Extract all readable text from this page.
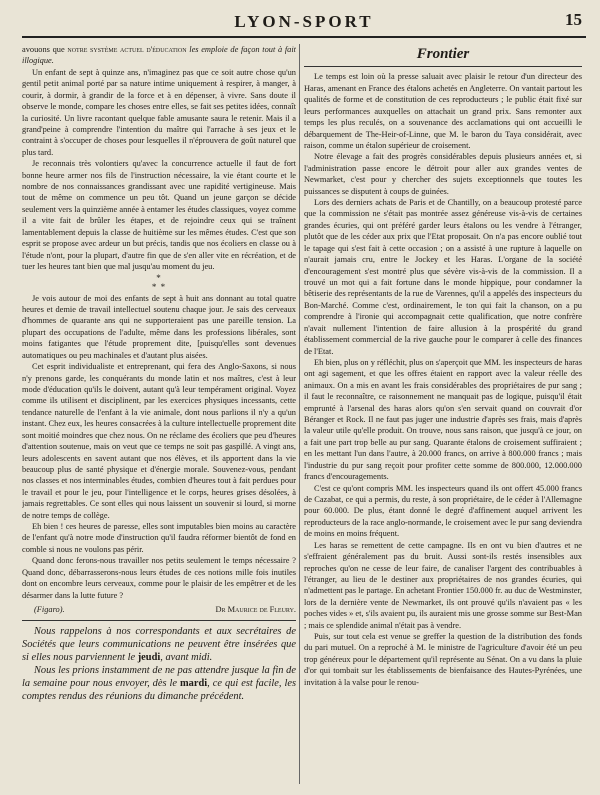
LYON-SPORT	15

avouons que notre système actuel d'éducation les emploie de façon tout à fait illogique.

Un enfant de sept à quinze ans, n'imaginez pas que ce soit autre chose qu'un gentil petit animal porté par sa nature intime uniquement à respirer, à manger, à courir, à dormir, à grandir de la force et à en dépenser, à vivre. Sans doute il observe le monde, compare les choses entre elles, se fait ses petites idées, connaît la curiosité. Un livre racontant quelque fable amusante saura le retenir. Mais il a grand'peine à comprendre l'intention du maître qui l'arrache à ses jeux et le contraint à s'occuper de choses pour lesquelles il n'éprouvera de goût naturel que plus tard.

Je reconnais très volontiers qu'avec la concurrence actuelle il faut de fort bonne heure armer nos fils de l'instruction nécessaire, la vie étant courte et le nombre de nos connaissances grandissant avec une rapidité vertigineuse. Mais tout de même on commence un peu tôt. Quand un jeune garçon se décide seulement vers la quinzième année à entamer les études classiques, voyez comme il a vite fait de brûler les étapes, et de rejoindre ceux qui se traînent lamentablement depuis la classe de huitième sur les mêmes études. C'est que son esprit se propose avec ardeur un but précis, tandis que nos écoliers en classe ou à l'étude n'ont, pour la plupart, d'autre fin que de s'en aller vite en récréation, et de tuer les heures tant bien que mal jusqu'au moment du jeu.

*
* *

Je vois autour de moi des enfants de sept à huit ans donnant au total quatre heures et demie de travail intellectuel soutenu chaque jour. Je sais des cerveaux d'hommes de quarante ans qui ne supporteraient pas une pareille tension. La plupart des occupations de l'adulte, même dans les professions libérales, sont moins fatigantes que l'étude proprement dite, [puisqu'elles sont devenues automatiques ou peu machinales et d'autant plus aisées.

Cet esprit individualiste et entreprenant, qui fera des Anglo-Saxons, si nous n'y prenons garde, les conquérants du monde latin et nos maîtres, c'est à leur mode d'éducation qu'ils le doivent, autant qu'à leur tempérament original. Voyez comme ils utilisent et disciplinent, par les exercices physiques incessants, cette tendance naturelle de l'enfant à la vie animale, dont nous parlions il n'y a qu'un instant. Chez eux, les heures consacrées à la culture intellectuelle proprement dite sont moitié moindres que chez nous. On ne réclame des écoliers que peu d'heures d'attention soutenue, mais on veut que ce temps ne soit pas gaspillé. A vingt ans, leurs adolescents en savent autant que nos élèves, et ils apportent dans la vie beaucoup plus de santé physique et d'énergie morale. Souvenez-vous, pendant nos classes et nos interminables études, combien d'heures tout à fait perdues pour le travail et pour le jeu, pour l'intelligence et le corps, heures grises désolées, à jamais regrettables. Ce sont elles qui nous laissent un souvenir si lourd, si morne de notre temps de collège.

Eh bien ! ces heures de paresse, elles sont imputables bien moins au caractère de l'enfant qu'à notre mode d'instruction qu'il faudra réformer bientôt de fond en comble si nous ne voulons pas périr.

Quand donc ferons-nous travailler nos petits seulement le temps nécessaire ? Quand donc, débarrasserons-nous leurs études de ces notions mille fois inutiles dont on encombre leurs cerveaux, comme pour le plaisir de les empêtrer et de les désarmer dans la lutte future ?

(Figaro).	Dr Maurice de Fleury.

Nous rappelons à nos correspondants et aux secrétaires de Sociétés que leurs communications ne peuvent être insérées que si elles nous parviennent le jeudi, avant midi.

Nous les prions instamment de ne pas attendre jusque la fin de la semaine pour nous envoyer, dès le mardi, ce qui est facile, les comptes rendus des réunions du dimanche précédent.

Frontier

Le temps est loin où la presse saluait avec plaisir le retour d'un directeur des Haras, amenant en France des étalons achetés en Angleterre. On vantait partout les qualités de forme et de constitution de ces reproducteurs ; le public était fixé sur leurs performances auxquelles on attachait un grand prix. Sans remonter aux temps les plus reculés, on a souvenance des acclamations qui ont accueilli le débarquement de The-Heir-of-Linne, que M. le baron du Taya considérait, avec raison, comme un étalon supérieur de croisement.

Notre élevage a fait des progrès considérables depuis plusieurs années et, si l'administration passe encore le détroit pour aller aux grandes ventes de Newmarket, c'est pour y chercher des sujets exceptionnels que toutes les puissances se disputent à coups de guinées.

Lors des derniers achats de Paris et de Chantilly, on a beaucoup protesté parce que la commission ne s'était pas montrée assez généreuse vis-à-vis de certaines grandes écuries, qui ont préféré garder leurs étalons ou les vendre à l'étranger, plutôt que de les céder aux prix que l'Etat proposait. On n'a pas encore oublié tout le tapage qui s'est fait à cette occasion ; on a assisté à une rupture à laquelle on n'aurait jamais cru, entre le Jockey et les Haras. L'organe de la société d'encouragement s'est montré plus que sévère vis-à-vis de la commission. Il a trouvé un mot qui a fait fortune dans le monde hippique, pour condamner la bêtiserie des représentants de la rue de Varennes, qu'il a appelés des inspecteurs du Bon-Marché. Comme c'est, ordinairement, le ton qui fait la chanson, on a pu comprendre à l'ironie qui accompagnait cette qualification, que notre confrère n'avait nullement l'intention de faire allusion à la prospérité du grand établissement commercial de la rive gauche pour le comparer à celle des finances de l'Etat.

Eh bien, plus on y réfléchit, plus on s'aperçoit que MM. les inspecteurs de haras ont agi sagement, et que les offres étaient en rapport avec la valeur réelle des animaux. On a mis en avant les frais considérables des propriétaires de pur sang ; il faut le reconnaître, ce raisonnement ne manquait pas de logique, puisqu'il était emprunté à l'arsenal des haras alors qu'on s'en servait quand on couvrait d'or Béranger et Rock. Il ne faut pas juger une industrie d'après ses frais, mais d'après la valeur utile qu'elle produit. On trouve, nous sans raison, que jusqu'à ce jour, on a fait une part trop belle au pur sang. Quarante étalons de croisement suffiraient ; en les mettant l'un dans l'autre, à 20.000 francs, on arrive à 800.000 francs ; mais l'industrie du pur sang reçoit pour profiter cette somme de 800.000, 12.000.000 francs d'encouragements.

C'est ce qu'ont compris MM. les inspecteurs quand ils ont offert 45.000 francs de Cazabat, ce qui a permis, du reste, à son propriétaire, de le céder à l'Allemagne pour 60.000. De plus, étant donné le degré d'affinement auquel arrivent les reproducteurs de la race anglo-normande, le croisement avec le pur sang deviendra de moins en moins fréquent.

Les haras se remettent de cette campagne. Ils en ont vu bien d'autres et ne s'effraient généralement pas du bruit. Aussi sont-ils restés insensibles aux reproches qu'on ne cesse de leur faire, de canaliser l'argent des contribuables à l'étranger, au lieu de le destiner aux propriétaires de nos grandes écuries, qui n'admettent pas le partage. En achetant Frontier 150.000 fr. au duc de Westminster, lors de la dernière vente de Newmarket, ils ont prouvé qu'ils n'avaient pas « les poches vides » et, s'ils avaient pu, ils auraient mis une grosse somme sur Best-Man ; mais ce splendide animal n'était pas à vendre.

Puis, sur tout cela est venue se greffer la question de la distribution des fonds du pari mutuel. On a reproché à M. le ministre de l'agriculture d'avoir été un peu trop généreux pour le département qu'il représente au Sénat. On a vu dans la pluie d'or qui tombait sur les établissements de bienfaisance des Hautes-Pyrénées, une invitation à la valse pour le renou-
